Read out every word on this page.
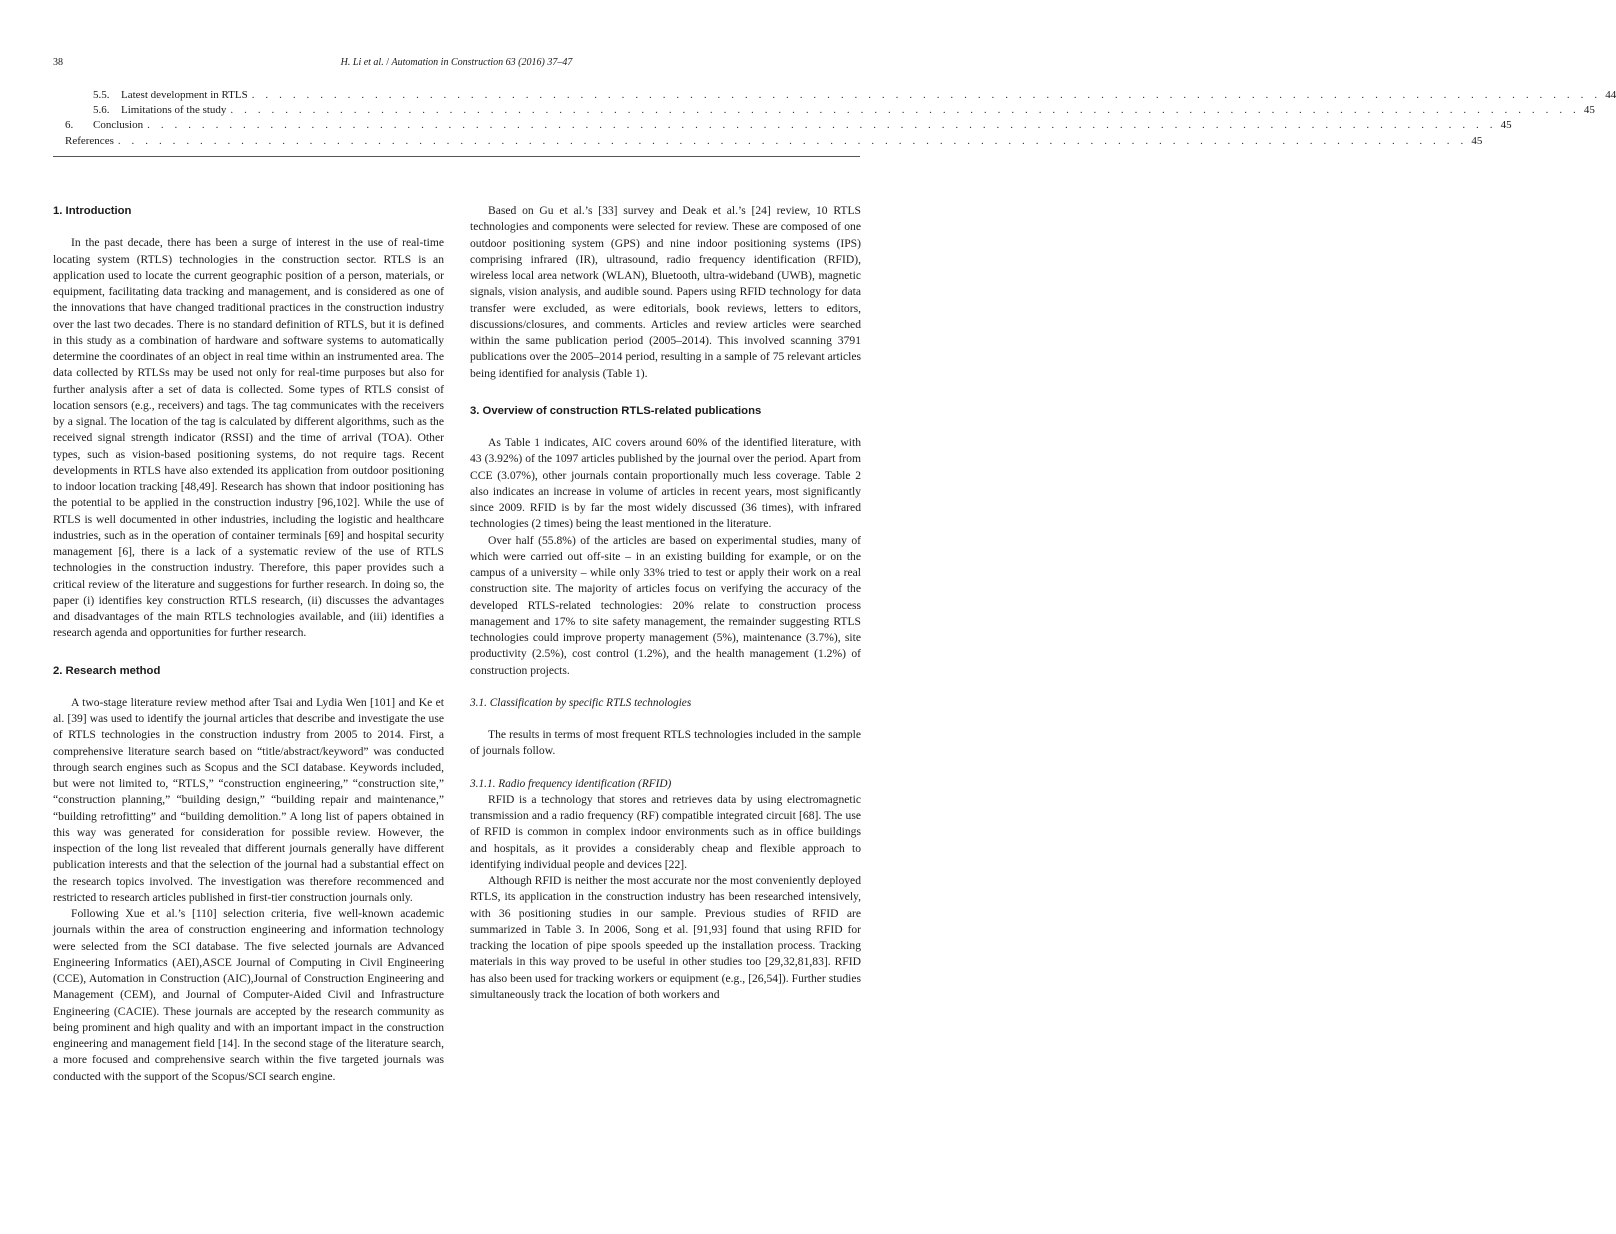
38	H. Li et al. / Automation in Construction 63 (2016) 37–47
5.5.	Latest development in RTLS . . . . . . . . . . . . . . . . . . . . . . . . . . . . . . . . . . . . . . . . . . . . . . . . . . . . . . . . . . . . . . . . . . . . . . . . . . . . . . . . . . . . . . . . . . . . . . . . . . . 44
5.6.	Limitations of the study . . . . . . . . . . . . . . . . . . . . . . . . . . . . . . . . . . . . . . . . . . . . . . . . . . . . . . . . . . . . . . . . . . . . . . . . . . . . . . . . . . . . . . . . . . . . . . . . . . . 45
6.	Conclusion . . . . . . . . . . . . . . . . . . . . . . . . . . . . . . . . . . . . . . . . . . . . . . . . . . . . . . . . . . . . . . . . . . . . . . . . . . . . . . . . . . . . . . . . . . . . . . . . . . . 45
References . . . . . . . . . . . . . . . . . . . . . . . . . . . . . . . . . . . . . . . . . . . . . . . . . . . . . . . . . . . . . . . . . . . . . . . . . . . . . . . . . . . . . . . . . . . . . . . . . . . 45
1. Introduction

In the past decade, there has been a surge of interest in the use of real-time locating system (RTLS) technologies in the construction sector. RTLS is an application used to locate the current geographic position of a person, materials, or equipment, facilitating data tracking and management, and is considered as one of the innovations that have changed traditional practices in the construction industry over the last two decades. There is no standard definition of RTLS, but it is defined in this study as a combination of hardware and software systems to automatically determine the coordinates of an object in real time within an instrumented area. The data collected by RTLSs may be used not only for real-time purposes but also for further analysis after a set of data is collected. Some types of RTLS consist of location sensors (e.g., receivers) and tags. The tag communicates with the receivers by a signal. The location of the tag is calculated by different algorithms, such as the received signal strength indicator (RSSI) and the time of arrival (TOA). Other types, such as vision-based positioning systems, do not require tags. Recent developments in RTLS have also extended its application from outdoor positioning to indoor location tracking [48,49]. Research has shown that indoor positioning has the potential to be applied in the construction industry [96,102]. While the use of RTLS is well documented in other industries, including the logistic and healthcare industries, such as in the operation of container terminals [69] and hospital security management [6], there is a lack of a systematic review of the use of RTLS technologies in the construction industry. Therefore, this paper provides such a critical review of the literature and suggestions for further research. In doing so, the paper (i) identifies key construction RTLS research, (ii) discusses the advantages and disadvantages of the main RTLS technologies available, and (iii) identifies a research agenda and opportunities for further research.

2. Research method

A two-stage literature review method after Tsai and Lydia Wen [101] and Ke et al. [39] was used to identify the journal articles that describe and investigate the use of RTLS technologies in the construction industry from 2005 to 2014. First, a comprehensive literature search based on “title/abstract/keyword” was conducted through search engines such as Scopus and the SCI database. Keywords included, but were not limited to, “RTLS,” “construction engineering,” “construction site,” “construction planning,” “building design,” “building repair and maintenance,” “building retrofitting” and “building demolition.” A long list of papers obtained in this way was generated for consideration for possible review. However, the inspection of the long list revealed that different journals generally have different publication interests and that the selection of the journal had a substantial effect on the research topics involved. The investigation was therefore recommenced and restricted to research articles published in first-tier construction journals only.

Following Xue et al.’s [110] selection criteria, five well-known academic journals within the area of construction engineering and information technology were selected from the SCI database. The five selected journals are Advanced Engineering Informatics (AEI),ASCE Journal of Computing in Civil Engineering (CCE), Automation in Construction (AIC),Journal of Construction Engineering and Management (CEM), and Journal of Computer-Aided Civil and Infrastructure Engineering (CACIE). These journals are accepted by the research community as being prominent and high quality and with an important impact in the construction engineering and management field [14]. In the second stage of the literature search, a more focused and comprehensive search within the five targeted journals was conducted with the support of the Scopus/SCI search engine.

Based on Gu et al.’s [33] survey and Deak et al.’s [24] review, 10 RTLS technologies and components were selected for review. These are composed of one outdoor positioning system (GPS) and nine indoor positioning systems (IPS) comprising infrared (IR), ultrasound, radio frequency identification (RFID), wireless local area network (WLAN), Bluetooth, ultra-wideband (UWB), magnetic signals, vision analysis, and audible sound. Papers using RFID technology for data transfer were excluded, as were editorials, book reviews, letters to editors, discussions/closures, and comments. Articles and review articles were searched within the same publication period (2005–2014). This involved scanning 3791 publications over the 2005–2014 period, resulting in a sample of 75 relevant articles being identified for analysis (Table 1).

3. Overview of construction RTLS-related publications

As Table 1 indicates, AIC covers around 60% of the identified literature, with 43 (3.92%) of the 1097 articles published by the journal over the period. Apart from CCE (3.07%), other journals contain proportionally much less coverage. Table 2 also indicates an increase in volume of articles in recent years, most significantly since 2009. RFID is by far the most widely discussed (36 times), with infrared technologies (2 times) being the least mentioned in the literature.

Over half (55.8%) of the articles are based on experimental studies, many of which were carried out off-site – in an existing building for example, or on the campus of a university – while only 33% tried to test or apply their work on a real construction site. The majority of articles focus on verifying the accuracy of the developed RTLS-related technologies: 20% relate to construction process management and 17% to site safety management, the remainder suggesting RTLS technologies could improve property management (5%), maintenance (3.7%), site productivity (2.5%), cost control (1.2%), and the health management (1.2%) of construction projects.

3.1. Classification by specific RTLS technologies

The results in terms of most frequent RTLS technologies included in the sample of journals follow.

3.1.1. Radio frequency identification (RFID)

RFID is a technology that stores and retrieves data by using electromagnetic transmission and a radio frequency (RF) compatible integrated circuit [68]. The use of RFID is common in complex indoor environments such as in office buildings and hospitals, as it provides a considerably cheap and flexible approach to identifying individual people and devices [22].

Although RFID is neither the most accurate nor the most conveniently deployed RTLS, its application in the construction industry has been researched intensively, with 36 positioning studies in our sample. Previous studies of RFID are summarized in Table 3. In 2006, Song et al. [91,93] found that using RFID for tracking the location of pipe spools speeded up the installation process. Tracking materials in this way proved to be useful in other studies too [29,32,81,83]. RFID has also been used for tracking workers or equipment (e.g., [26,54]). Further studies simultaneously track the location of both workers and
